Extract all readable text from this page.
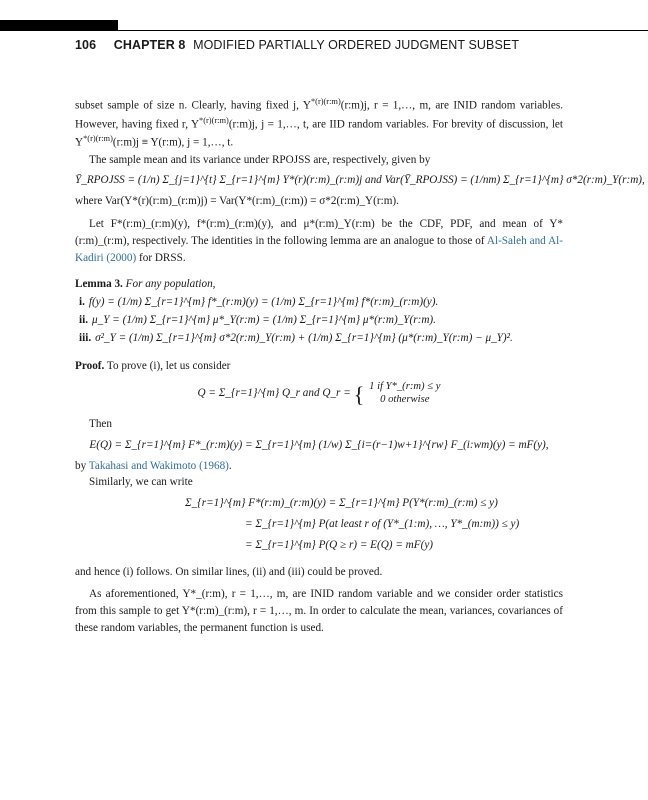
106 CHAPTER 8 MODIFIED PARTIALLY ORDERED JUDGMENT SUBSET

subset sample of size n. Clearly, having fixed j, $Y^{*(r)(r:m)}(r:m)j$, r = 1,…, m, are INID random variables. However, having fixed r, $Y^{*(r)(r:m)}(r:m)j$, j = 1,…, t, are IID random variables. For brevity of discussion, let $Y^{*(r)(r:m)}(r:m)j$ ≡ Y(r:m), j = 1,…, t.

The sample mean and its variance under RPOJSS are, respectively, given by

Ȳ_RPOJSS = (1/n) Σ_{j=1}^{t} Σ_{r=1}^{m} Y*(r)(r:m)_(r:m)j and Var(Ȳ_RPOJSS) = (1/nm) Σ_{r=1}^{m} σ*2(r:m)_Y(r:m),

where Var(Y*(r)(r:m)_(r:m)j) = Var(Y*(r:m)_(r:m)) = σ*2(r:m)_Y(r:m).

Let F*(r:m)_(r:m)(y), f*(r:m)_(r:m)(y), and μ*(r:m)_Y(r:m) be the CDF, PDF, and mean of Y*(r:m)_(r:m), respectively. The identities in the following lemma are an analogue to those of Al-Saleh and Al-Kadiri (2000) for DRSS.

Lemma 3. For any population,

i. f(y) = (1/m) Σ_{r=1}^{m} f*_(r:m)(y) = (1/m) Σ_{r=1}^{m} f*(r:m)_(r:m)(y).
ii. μ_Y = (1/m) Σ_{r=1}^{m} μ*_Y(r:m) = (1/m) Σ_{r=1}^{m} μ*(r:m)_Y(r:m).
iii. σ²_Y = (1/m) Σ_{r=1}^{m} σ*2(r:m)_Y(r:m) + (1/m) Σ_{r=1}^{m} (μ*(r:m)_Y(r:m) − μ_Y)².

Proof. To prove (i), let us consider

Q = Σ_{r=1}^{m} Q_r and Q_r = { 1 if Y*_(r:m) ≤ y
0 otherwise

Then

E(Q) = Σ_{r=1}^{m} F*_(r:m)(y) = Σ_{r=1}^{m} (1/w) Σ_{i=(r−1)w+1}^{rw} F_(i:wm)(y) = mF(y),

by Takahasi and Wakimoto (1968).

Similarly, we can write

Σ_{r=1}^{m} F*(r:m)_(r:m)(y) = Σ_{r=1}^{m} P(Y*(r:m)_(r:m) ≤ y)
= Σ_{r=1}^{m} P(at least r of (Y*_(1:m), …, Y*_(m:m)) ≤ y)
= Σ_{r=1}^{m} P(Q ≥ r) = E(Q) = mF(y)

and hence (i) follows. On similar lines, (ii) and (iii) could be proved.

As aforementioned, Y*_(r:m), r = 1,…, m, are INID random variable and we consider order statistics from this sample to get Y*(r:m)_(r:m), r = 1,…, m. In order to calculate the mean, variances, covariances of these random variables, the permanent function is used.
